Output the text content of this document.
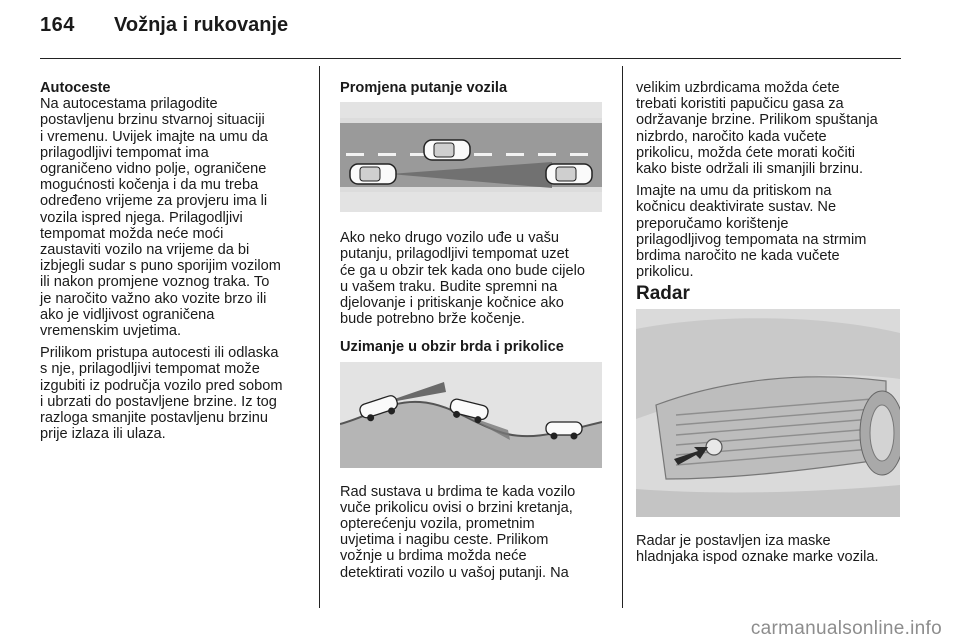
164 Vožnja i rukovanje

Autoceste

Na autocestama prilagodite
postavljenu brzinu stvarnoj situaciji
i vremenu. Uvijek imajte na umu da
prilagodljivi tempomat ima
ograničeno vidno polje, ograničene
mogućnosti kočenja i da mu treba
određeno vrijeme za provjeru ima li
vozila ispred njega. Prilagodljivi
tempomat možda neće moći
zaustaviti vozilo na vrijeme da bi
izbjegli sudar s puno sporijim vozilom
ili nakon promjene voznog traka. To
je naročito važno ako vozite brzo ili
ako je vidljivost ograničena
vremenskim uvjetima.

Prilikom pristupa autocesti ili odlaska
s nje, prilagodljivi tempomat može
izgubiti iz područja vozilo pred sobom
i ubrzati do postavljene brzine. Iz tog
razloga smanjite postavljenu brzinu
prije izlaza ili ulaza.

Promjena putanje vozila

Ako neko drugo vozilo uđe u vašu
putanju, prilagodljivi tempomat uzet
će ga u obzir tek kada ono bude cijelo
u vašem traku. Budite spremni na
djelovanje i pritiskanje kočnice ako
bude potrebno brže kočenje.

Uzimanje u obzir brda i prikolice

Rad sustava u brdima te kada vozilo
vuče prikolicu ovisi o brzini kretanja,
opterećenju vozila, prometnim
uvjetima i nagibu ceste. Prilikom
vožnje u brdima možda neće
detektirati vozilo u vašoj putanji. Na

velikim uzbrdicama možda ćete
trebati koristiti papučicu gasa za
održavanje brzine. Prilikom spuštanja
nizbrdo, naročito kada vučete
prikolicu, možda ćete morati kočiti
kako biste održali ili smanjili brzinu.

Imajte na umu da pritiskom na
kočnicu deaktivirate sustav. Ne
preporučamo korištenje
prilagodljivog tempomata na strmim
brdima naročito ne kada vučete
prikolicu.

Radar

Radar je postavljen iza maske
hladnjaka ispod oznake marke vozila.

carmanualsonline.info
